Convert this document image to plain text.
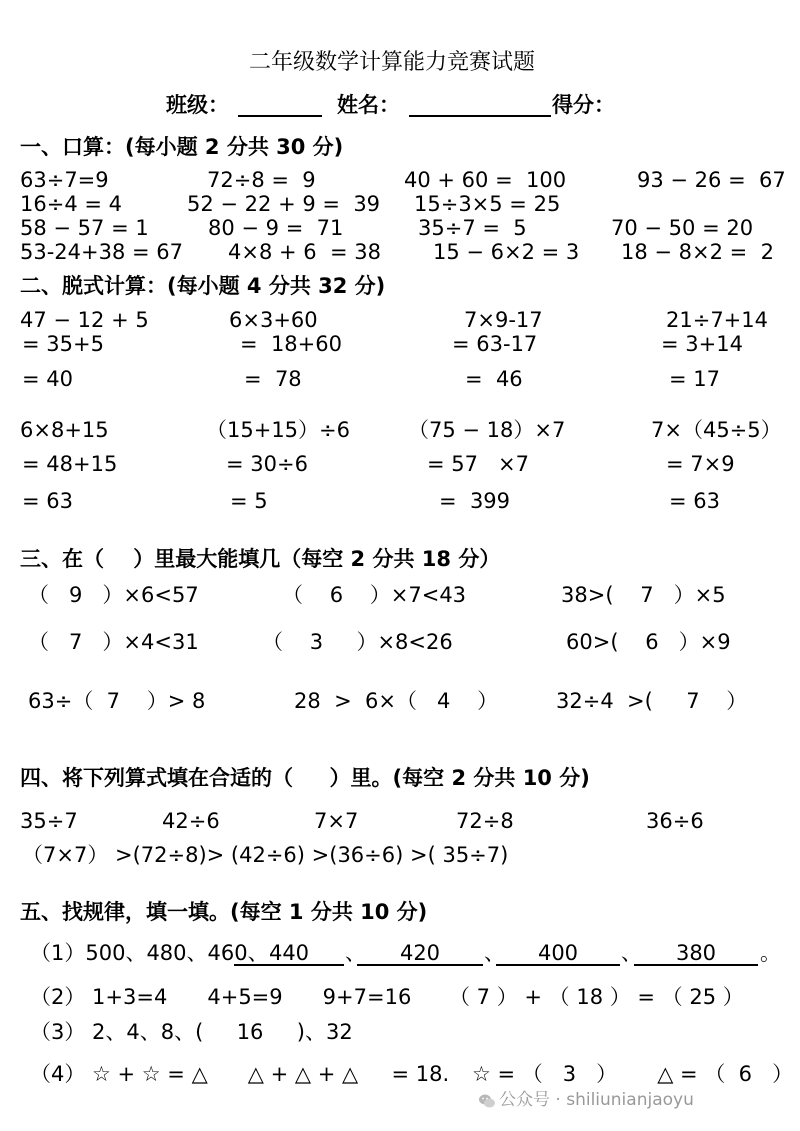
二年级数学计算能力竞赛试题
班级：	姓名：	得分：
一、口算：(每小题 2 分共 30 分)
63÷7=9	72÷8 =  9	40 + 60 =  100	93 − 26 =  67
16÷4 = 4	52 − 22 + 9 =  39 15÷3×5 = 25
58 − 57 = 1	80 − 9 =  71	35÷7 =  5	70 − 50 = 20
53-24+38 = 67 4×8 + 6  = 38 15 − 6×2 = 3 18 − 8×2 =  2
二、脱式计算：(每小题 4 分共 32 分)
47 − 12 + 5
= 35+5
= 40
6×3+60
=  18+60
=  78
7×9-17
= 63-17
=  46
21÷7+14
= 3+14
= 17
6×8+15
= 48+15
= 63
（15+15）÷6
= 30÷6
= 5
（75 − 18）×7
= 57   ×7
=  399
7×（45÷5）
= 7×9
= 63
三、在（    ）里最大能填几（每空 2 分共 18 分）
（   9   ）×6<57	（    6    ）×7<43	38>(    7   ）×5
（   7   ）×4<31	（    3     ）×8<26	60>(    6   ）×9
63÷（  7    ）> 8	28  >  6×（   4    ）	32÷4  >(     7    ）
四、将下列算式填在合适的（     ）里。(每空 2 分共 10 分)
35÷7	42÷6	7×7	72÷8	36÷6
（7×7） >(72÷8)> (42÷6) >(36÷6) >( 35÷7)
五、找规律，填一填。(每空 1 分共 10 分)
（1）500、480、460、 440	、	420	、	400	、	380	。
（2） 1+3=4      4+5=9      9+7=16 （ 7 ） + （ 18 ） = （ 25 ）
（3） 2、4、8、(     16     )、32
（4） ☆ + ☆ = △      △ + △ + △     = 18. ☆ = （   3   ）      △ = （  6   ）
公众号 · shiliunianjaoyu
